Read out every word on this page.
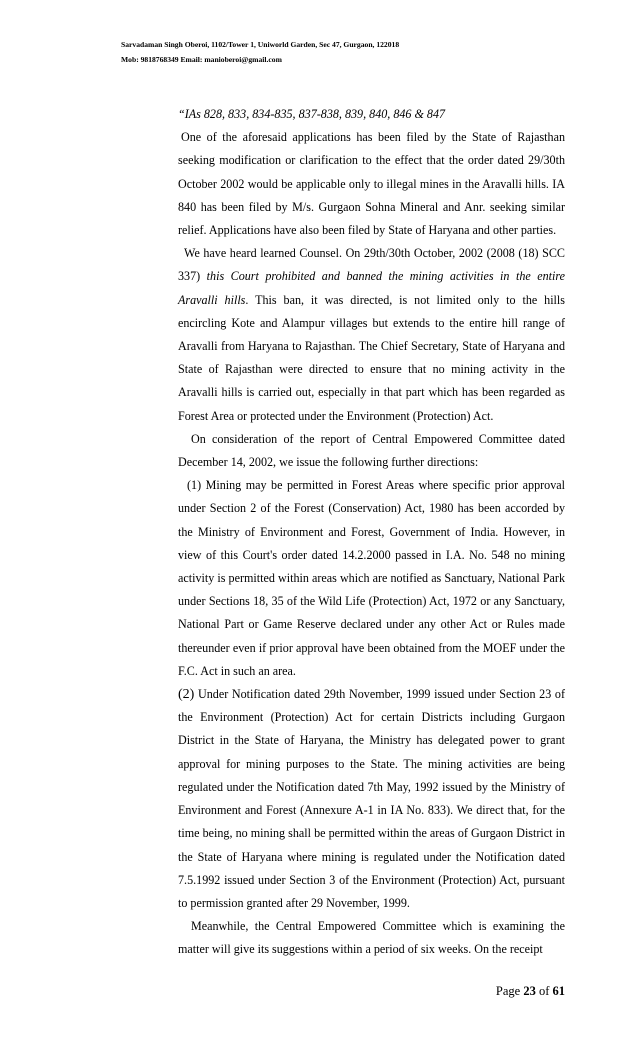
Sarvadaman Singh Oberoi, 1102/Tower 1, Uniworld Garden, Sec 47, Gurgaon, 122018
Mob: 9818768349 Email: manioberoi@gmail.com

“IAs 828, 833, 834-835, 837-838, 839, 840, 846 & 847

One of the aforesaid applications has been filed by the State of Rajasthan seeking modification or clarification to the effect that the order dated 29/30th October 2002 would be applicable only to illegal mines in the Aravalli hills. IA 840 has been filed by M/s. Gurgaon Sohna Mineral and Anr. seeking similar relief. Applications have also been filed by State of Haryana and other parties.

We have heard learned Counsel. On 29th/30th October, 2002 (2008 (18) SCC 337) this Court prohibited and banned the mining activities in the entire Aravalli hills. This ban, it was directed, is not limited only to the hills encircling Kote and Alampur villages but extends to the entire hill range of Aravalli from Haryana to Rajasthan. The Chief Secretary, State of Haryana and State of Rajasthan were directed to ensure that no mining activity in the Aravalli hills is carried out, especially in that part which has been regarded as Forest Area or protected under the Environment (Protection) Act.

On consideration of the report of Central Empowered Committee dated December 14, 2002, we issue the following further directions:

(1) Mining may be permitted in Forest Areas where specific prior approval under Section 2 of the Forest (Conservation) Act, 1980 has been accorded by the Ministry of Environment and Forest, Government of India. However, in view of this Court's order dated 14.2.2000 passed in I.A. No. 548 no mining activity is permitted within areas which are notified as Sanctuary, National Park under Sections 18, 35 of the Wild Life (Protection) Act, 1972 or any Sanctuary, National Part or Game Reserve declared under any other Act or Rules made thereunder even if prior approval have been obtained from the MOEF under the F.C. Act in such an area.

(2) Under Notification dated 29th November, 1999 issued under Section 23 of the Environment (Protection) Act for certain Districts including Gurgaon District in the State of Haryana, the Ministry has delegated power to grant approval for mining purposes to the State. The mining activities are being regulated under the Notification dated 7th May, 1992 issued by the Ministry of Environment and Forest (Annexure A-1 in IA No. 833). We direct that, for the time being, no mining shall be permitted within the areas of Gurgaon District in the State of Haryana where mining is regulated under the Notification dated 7.5.1992 issued under Section 3 of the Environment (Protection) Act, pursuant to permission granted after 29 November, 1999.

Meanwhile, the Central Empowered Committee which is examining the matter will give its suggestions within a period of six weeks. On the receipt

Page 23 of 61
